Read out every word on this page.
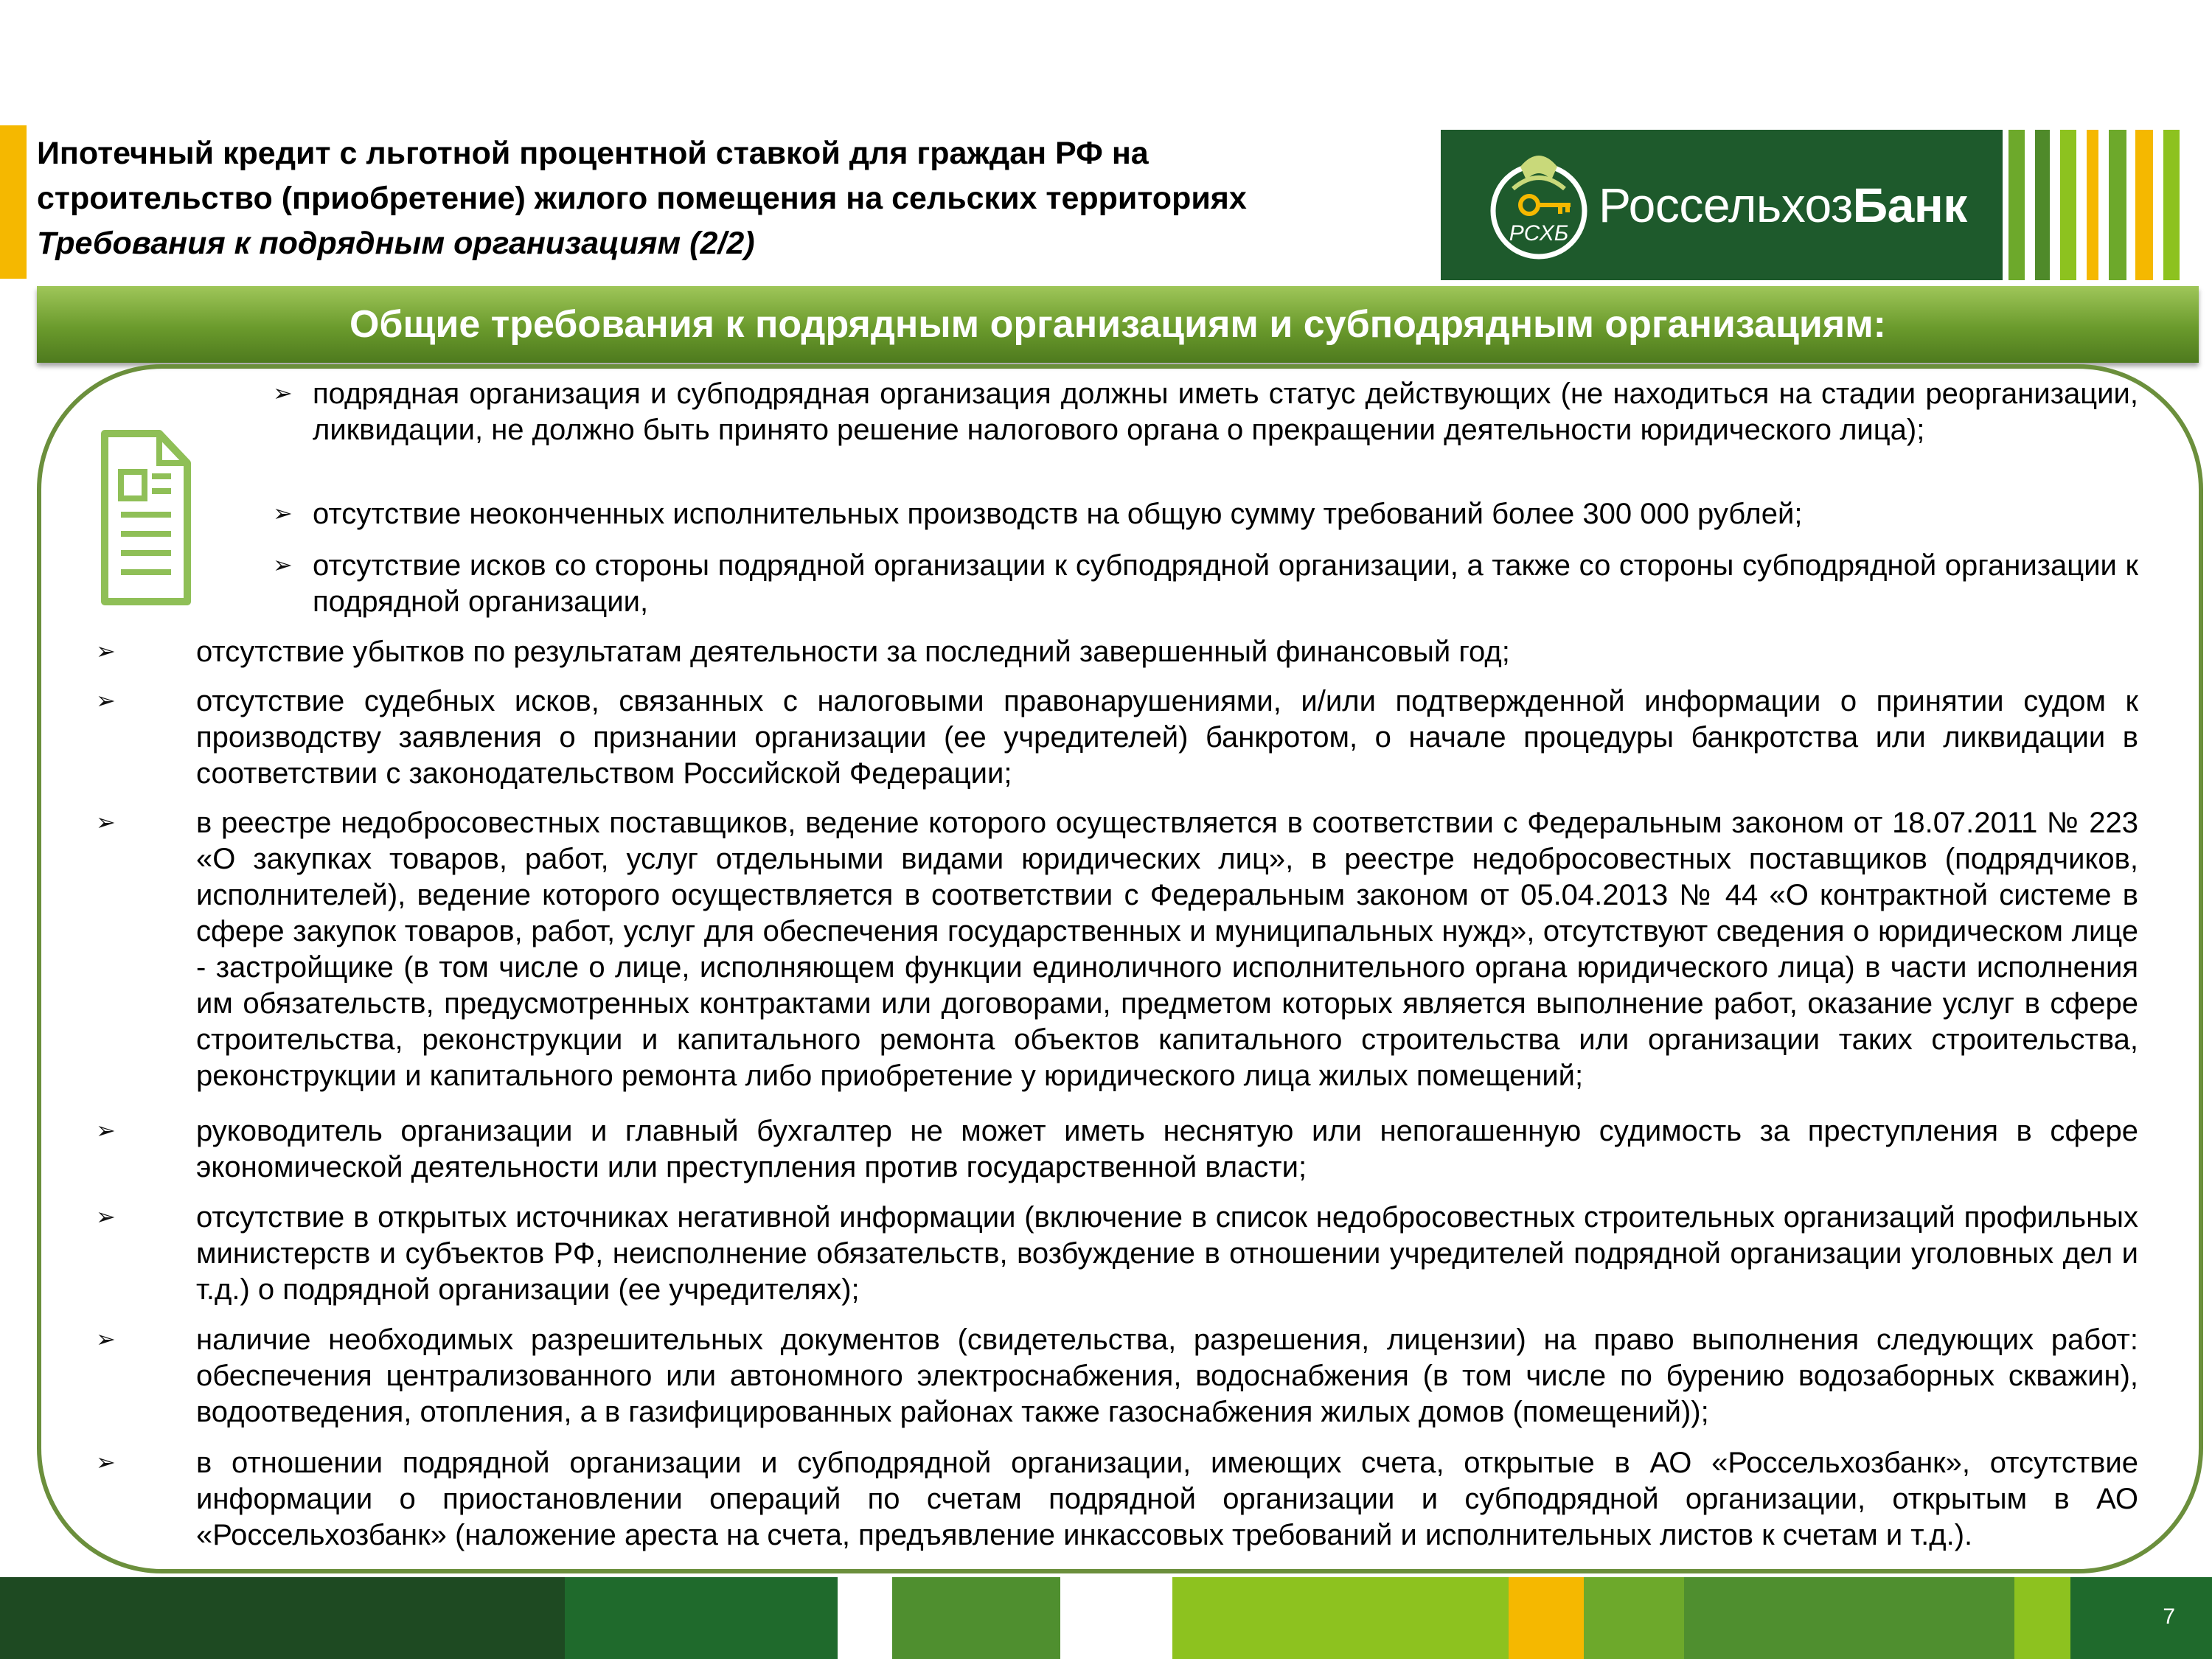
Ипотечный кредит с льготной процентной ставкой для граждан РФ на
строительство (приобретение) жилого помещения на сельских территориях
Требования к подрядным организациям (2/2)	РСХБ
РоссельхозБанк
Общие требования к подрядным организациям и субподрядным организациям:
➢ подрядная организация и субподрядная организация должны иметь статус действующих (не находиться на стадии реорганизации, ликвидации, не должно быть принято решение налогового органа о прекращении деятельности юридического лица);

➢ отсутствие неоконченных исполнительных производств на общую сумму требований более 300 000 рублей;

➢ отсутствие исков со стороны подрядной организации к субподрядной организации, а также со стороны субподрядной организации к подрядной организации,

➢	отсутствие убытков по результатам деятельности за последний завершенный финансовый год;

➢	отсутствие судебных исков, связанных с налоговыми правонарушениями, и/или подтвержденной информации о принятии судом к производству заявления о признании организации (ее учредителей) банкротом, о начале процедуры банкротства или ликвидации в соответствии с законодательством Российской Федерации;

➢	в реестре недобросовестных поставщиков, ведение которого осуществляется в соответствии с Федеральным законом от 18.07.2011 № 223 «О закупках товаров, работ, услуг отдельными видами юридических лиц», в реестре недобросовестных поставщиков (подрядчиков, исполнителей), ведение которого осуществляется в соответствии с Федеральным законом от 05.04.2013 № 44 «О контрактной системе в сфере закупок товаров, работ, услуг для обеспечения государственных и муниципальных нужд», отсутствуют сведения о юридическом лице - застройщике (в том числе о лице, исполняющем функции единоличного исполнительного органа юридического лица) в части исполнения им обязательств, предусмотренных контрактами или договорами, предметом которых является выполнение работ, оказание услуг в сфере строительства, реконструкции и капитального ремонта объектов капитального строительства или организации таких строительства, реконструкции и капитального ремонта либо приобретение у юридического лица жилых помещений;

➢	руководитель организации и главный бухгалтер не может иметь неснятую или непогашенную судимость за преступления в сфере экономической деятельности или преступления против государственной власти;

➢	отсутствие в открытых источниках негативной информации (включение в список недобросовестных строительных организаций профильных министерств и субъектов РФ, неисполнение обязательств, возбуждение в отношении учредителей подрядной организации уголовных дел и т.д.) о подрядной организации (ее учредителях);

➢	наличие необходимых разрешительных документов (свидетельства, разрешения, лицензии) на право выполнения следующих работ: обеспечения централизованного или автономного электроснабжения, водоснабжения (в том числе по бурению водозаборных скважин), водоотведения, отопления, а в газифицированных районах также газоснабжения жилых домов (помещений));

➢	в отношении подрядной организации и субподрядной организации, имеющих счета, открытые в АО «Россельхозбанк», отсутствие информации о приостановлении операций по счетам подрядной организации и субподрядной организации, открытым в АО «Россельхозбанк» (наложение ареста на счета, предъявление инкассовых требований и исполнительных листов к счетам и т.д.).

7
